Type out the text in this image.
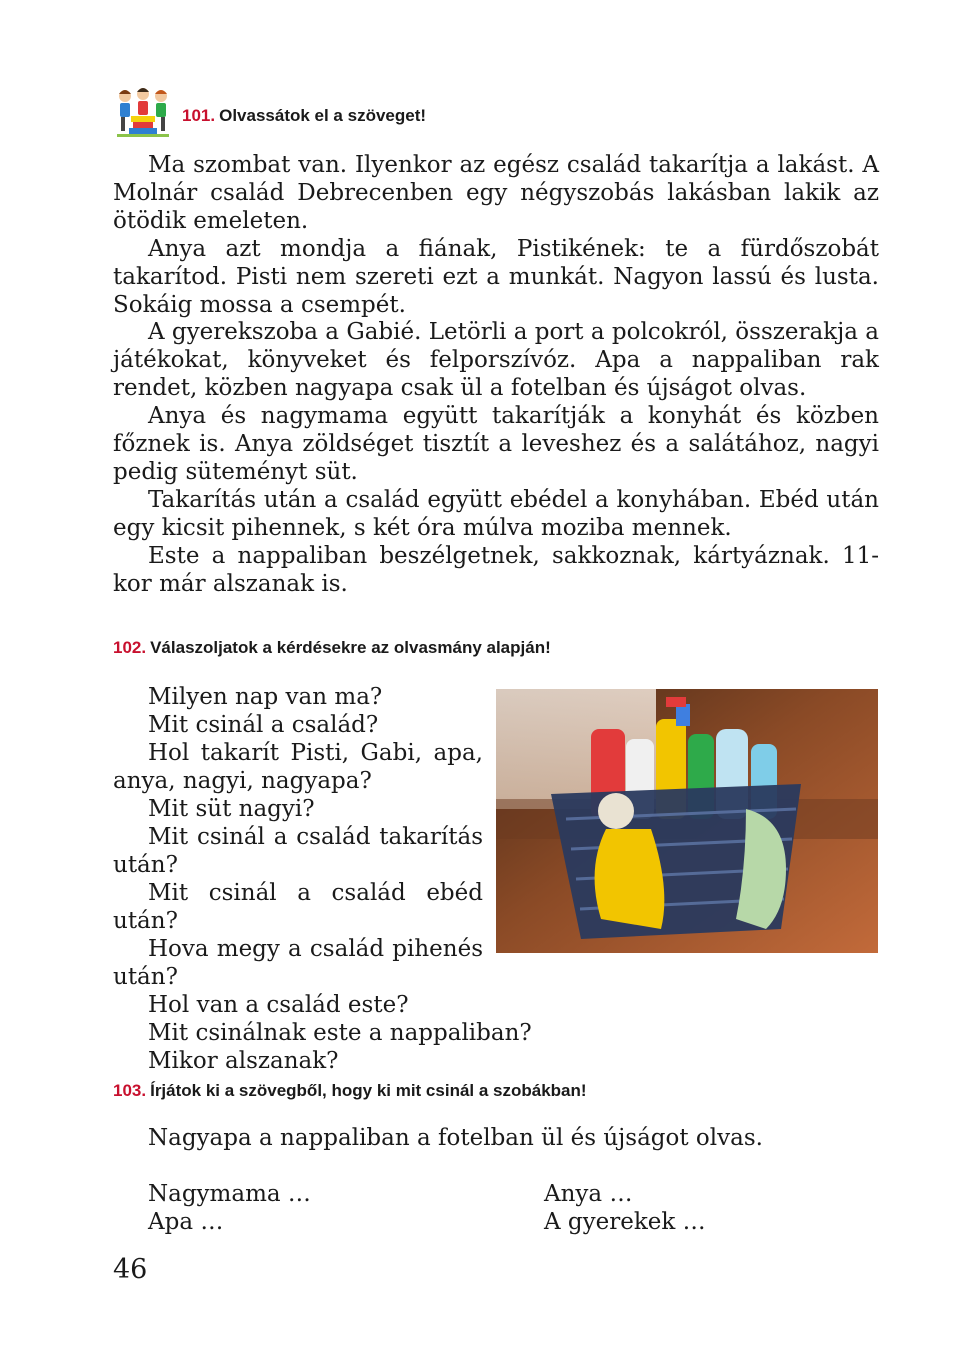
101. Olvassátok el a szöveget!

Ma szombat van. Ilyenkor az egész család takarítja a lakást. A Molnár család Debrecenben egy négyszobás lakásban lakik az ötödik emeleten.

Anya azt mondja a fiának, Pistikének: te a fürdőszobát takarítod. Pisti nem szereti ezt a munkát. Nagyon lassú és lusta. Sokáig mossa a csempét.

A gyerekszoba a Gabié. Letörli a port a polcokról, összerakja a játékokat, könyveket és felporszívóz. Apa a nappaliban rak rendet, közben nagyapa csak ül a fotelban és újságot olvas.

Anya és nagymama együtt takarítják a konyhát és közben főznek is. Anya zöldséget tisztít a leveshez és a salátához, nagyi pedig süteményt süt.

Takarítás után a család együtt ebédel a konyhában. Ebéd után egy kicsit pihennek, s két óra múlva moziba mennek.

Este a nappaliban beszélgetnek, sakkoznak, kártyáznak. 11-kor már alszanak is.

102. Válaszoljatok a kérdésekre az olvasmány alapján!

Milyen nap van ma?

Mit csinál a család?

Hol takarít Pisti, Gabi, apa, anya, nagyi, nagyapa?

Mit süt nagyi?

Mit csinál a család takarítás után?

Mit csinál a család ebéd után?

Hova megy a család pihenés után?

Hol van a család este?

Mit csinálnak este a nappaliban?

Mikor alszanak?

103. Írjátok ki a szövegből, hogy ki mit csinál a szobákban!
Nagyapa a nappaliban a fotelban ül és újságot olvas.
Nagymama …
Apa …
Anya …
A gyerekek …
46
